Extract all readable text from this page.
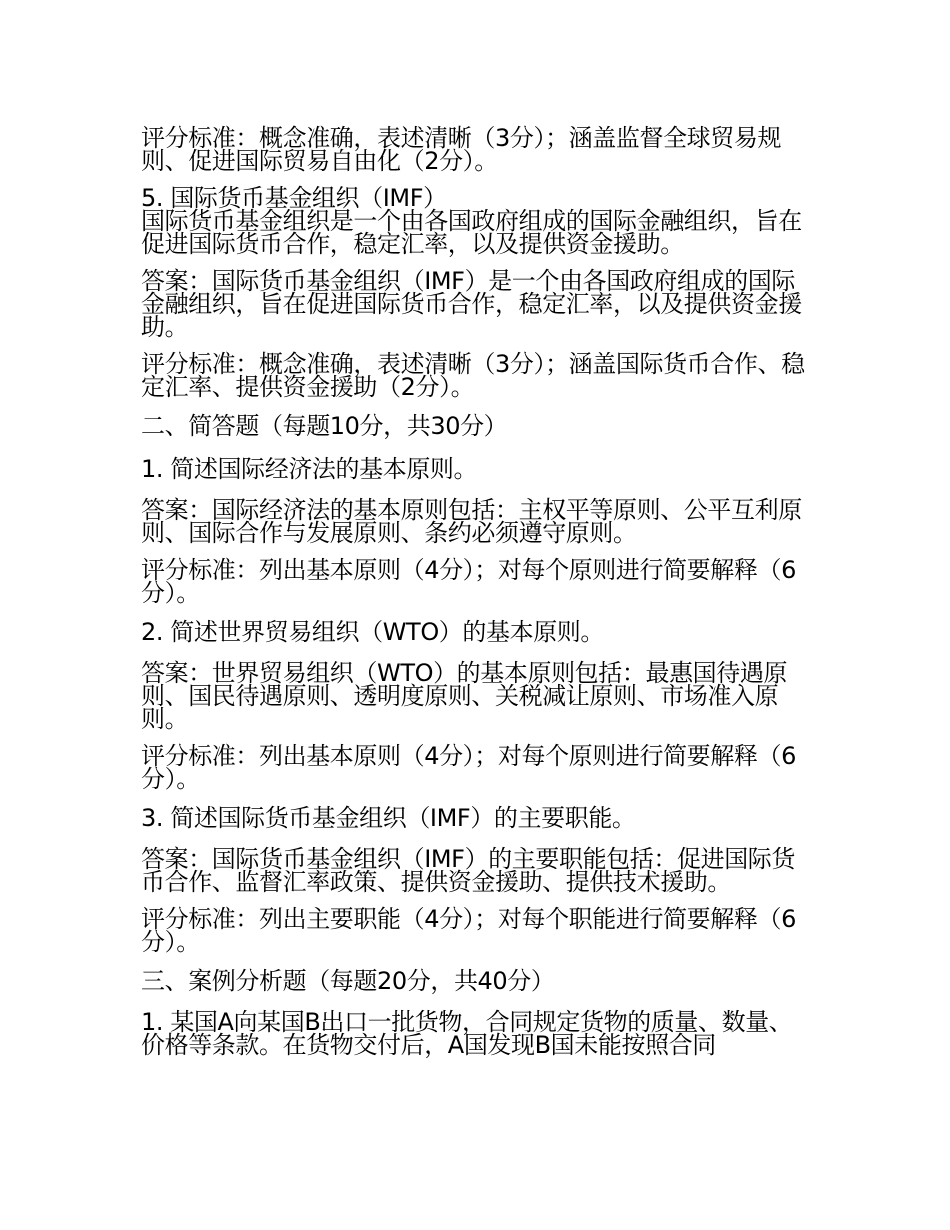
评分标准：概念准确，表述清晰（3分）；涵盖监督全球贸易规则、促进国际贸易自由化（2分）。

5. 国际货币基金组织（IMF）

国际货币基金组织是一个由各国政府组成的国际金融组织，旨在促进国际货币合作，稳定汇率，以及提供资金援助。

答案：国际货币基金组织（IMF）是一个由各国政府组成的国际金融组织，旨在促进国际货币合作，稳定汇率，以及提供资金援助。

评分标准：概念准确，表述清晰（3分）；涵盖国际货币合作、稳定汇率、提供资金援助（2分）。

二、简答题（每题10分，共30分）

1. 简述国际经济法的基本原则。

答案：国际经济法的基本原则包括：主权平等原则、公平互利原则、国际合作与发展原则、条约必须遵守原则。

评分标准：列出基本原则（4分）；对每个原则进行简要解释（6分）。

2. 简述世界贸易组织（WTO）的基本原则。

答案：世界贸易组织（WTO）的基本原则包括：最惠国待遇原则、国民待遇原则、透明度原则、关税减让原则、市场准入原则。

评分标准：列出基本原则（4分）；对每个原则进行简要解释（6分）。

3. 简述国际货币基金组织（IMF）的主要职能。

答案：国际货币基金组织（IMF）的主要职能包括：促进国际货币合作、监督汇率政策、提供资金援助、提供技术援助。

评分标准：列出主要职能（4分）；对每个职能进行简要解释（6分）。

三、案例分析题（每题20分，共40分）

1. 某国A向某国B出口一批货物，合同规定货物的质量、数量、价格等条款。在货物交付后，A国发现B国未能按照合同
